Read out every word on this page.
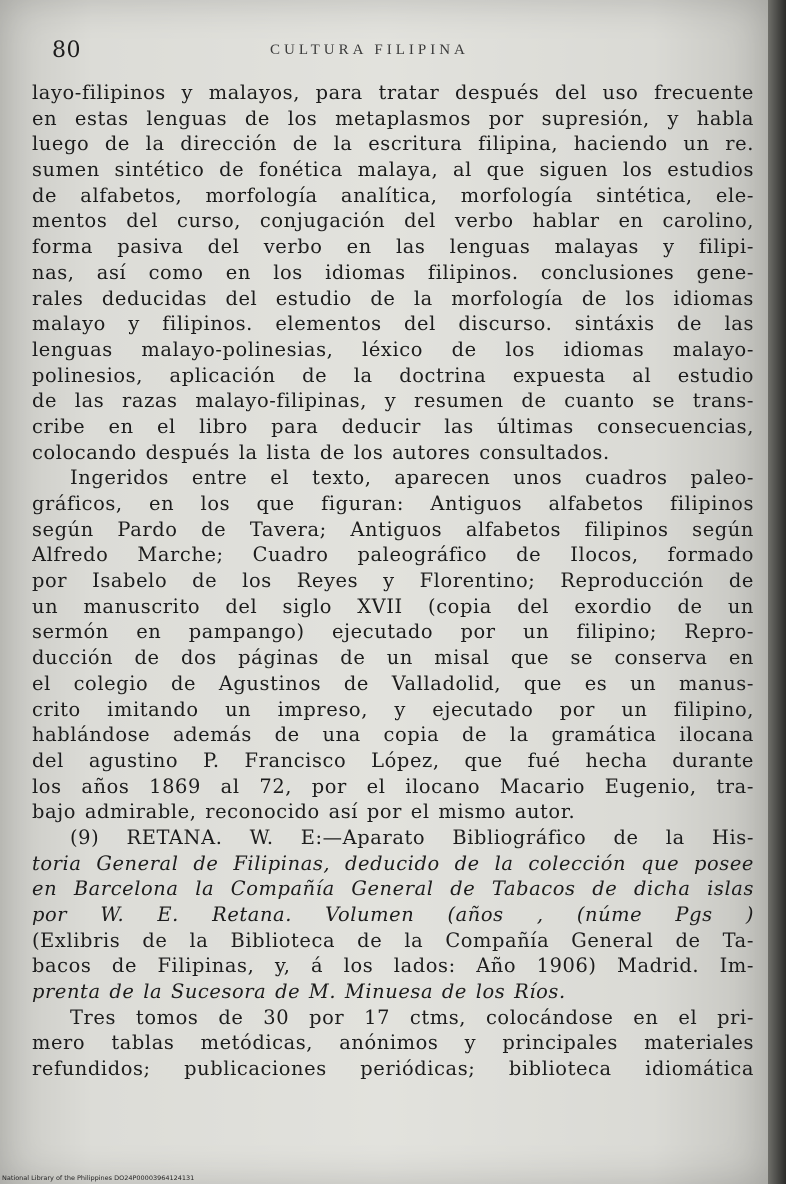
80	CULTURA FILIPINA
layo-filipinos y malayos, para tratar después del uso frecuente
en estas lenguas de los metaplasmos por supresión, y habla
luego de la dirección de la escritura filipina, haciendo un re.
sumen sintético de fonética malaya, al que siguen los estudios
de alfabetos, morfología analítica, morfología sintética, ele-
mentos del curso, conjugación del verbo hablar en carolino,
forma pasiva del verbo en las lenguas malayas y filipi-
nas, así como en los idiomas filipinos. conclusiones gene-
rales deducidas del estudio de la morfología de los idiomas
malayo y filipinos. elementos del discurso. sintáxis de las
lenguas malayo-polinesias, léxico de los idiomas malayo-
polinesios, aplicación de la doctrina expuesta al estudio
de las razas malayo-filipinas, y resumen de cuanto se trans-
cribe en el libro para deducir las últimas consecuencias,
colocando después la lista de los autores consultados.
Ingeridos entre el texto, aparecen unos cuadros paleo-
gráficos, en los que figuran: Antiguos alfabetos filipinos
según Pardo de Tavera; Antiguos alfabetos filipinos según
Alfredo Marche; Cuadro paleográfico de Ilocos, formado
por Isabelo de los Reyes y Florentino; Reproducción de
un manuscrito del siglo XVII (copia del exordio de un
sermón en pampango) ejecutado por un filipino; Repro-
ducción de dos páginas de un misal que se conserva en
el colegio de Agustinos de Valladolid, que es un manus-
crito imitando un impreso, y ejecutado por un filipino,
hablándose además de una copia de la gramática ilocana
del agustino P. Francisco López, que fué hecha durante
los años 1869 al 72, por el ilocano Macario Eugenio, tra-
bajo admirable, reconocido así por el mismo autor.
(9) RETANA. W. E:—Aparato Bibliográfico de la His-
toria General de Filipinas, deducido de la colección que posee
en Barcelona la Compañía General de Tabacos de dicha islas
por W. E. Retana. Volumen (años , (núme Pgs )
(Exlibris de la Biblioteca de la Compañía General de Ta-
bacos de Filipinas, y, á los lados: Año 1906) Madrid. Im-
prenta de la Sucesora de M. Minuesa de los Ríos.
Tres tomos de 30 por 17 ctms, colocándose en el pri-
mero tablas metódicas, anónimos y principales materiales
refundidos; publicaciones periódicas; biblioteca idiomática
National Library of the Philippines DO24P00003964124131
